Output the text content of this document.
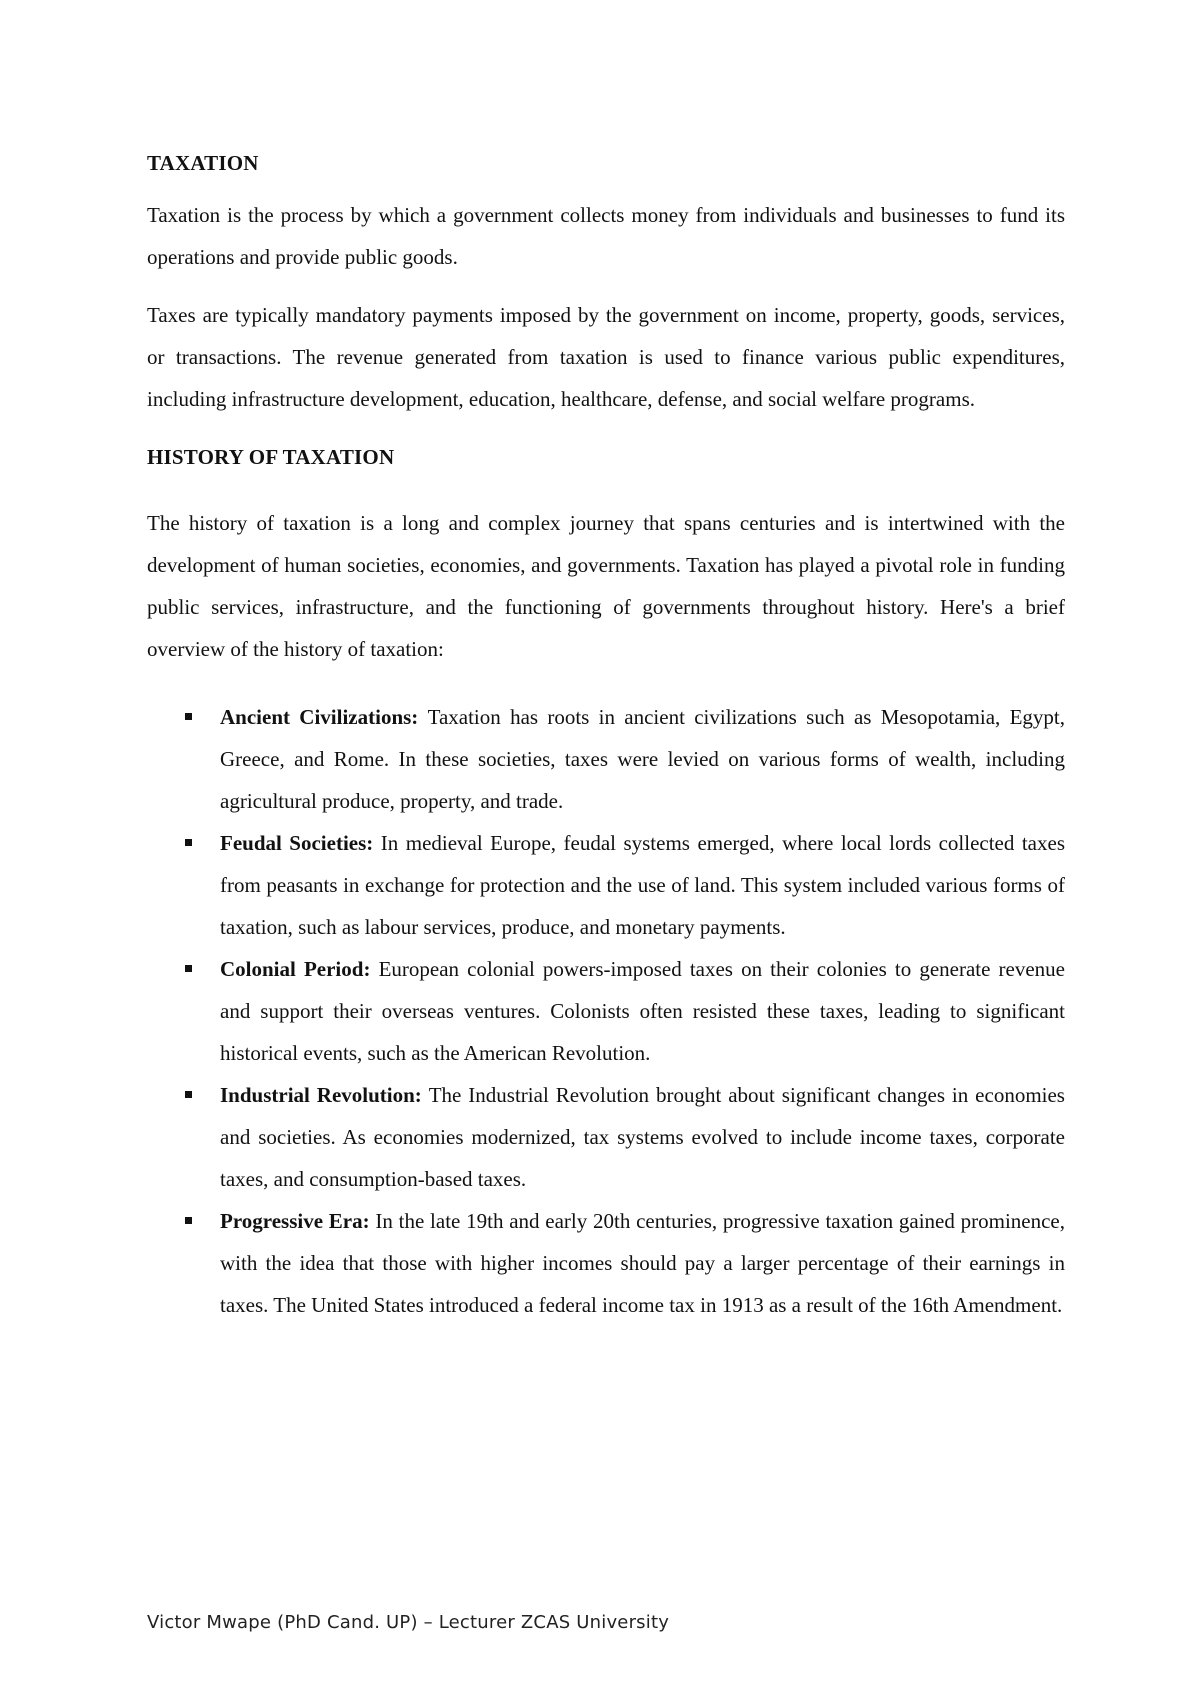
TAXATION

Taxation is the process by which a government collects money from individuals and businesses to fund its operations and provide public goods.

Taxes are typically mandatory payments imposed by the government on income, property, goods, services, or transactions. The revenue generated from taxation is used to finance various public expenditures, including infrastructure development, education, healthcare, defense, and social welfare programs.

HISTORY OF TAXATION

The history of taxation is a long and complex journey that spans centuries and is intertwined with the development of human societies, economies, and governments. Taxation has played a pivotal role in funding public services, infrastructure, and the functioning of governments throughout history. Here's a brief overview of the history of taxation:

Ancient Civilizations: Taxation has roots in ancient civilizations such as Mesopotamia, Egypt, Greece, and Rome. In these societies, taxes were levied on various forms of wealth, including agricultural produce, property, and trade.
Feudal Societies: In medieval Europe, feudal systems emerged, where local lords collected taxes from peasants in exchange for protection and the use of land. This system included various forms of taxation, such as labour services, produce, and monetary payments.
Colonial Period: European colonial powers-imposed taxes on their colonies to generate revenue and support their overseas ventures. Colonists often resisted these taxes, leading to significant historical events, such as the American Revolution.
Industrial Revolution: The Industrial Revolution brought about significant changes in economies and societies. As economies modernized, tax systems evolved to include income taxes, corporate taxes, and consumption-based taxes.
Progressive Era: In the late 19th and early 20th centuries, progressive taxation gained prominence, with the idea that those with higher incomes should pay a larger percentage of their earnings in taxes. The United States introduced a federal income tax in 1913 as a result of the 16th Amendment.
Victor Mwape (PhD Cand. UP) – Lecturer ZCAS University
